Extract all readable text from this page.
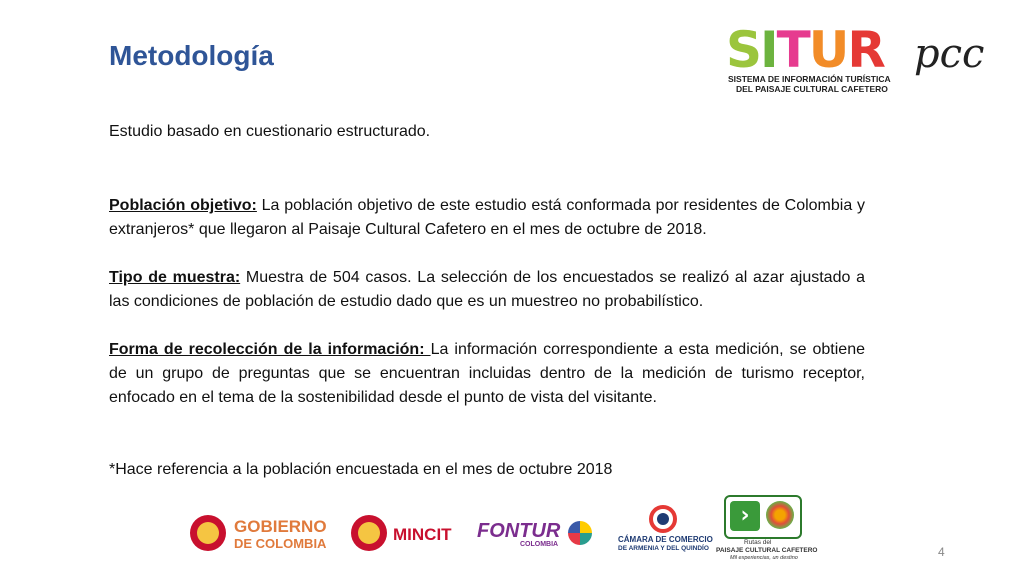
Metodología	SITUR pcc
SISTEMA DE INFORMACIÓN TURÍSTICA
DEL PAISAJE CULTURAL CAFETERO

Estudio basado en cuestionario estructurado.

Población objetivo: La población objetivo de este estudio está conformada por residentes de Colombia y extranjeros* que llegaron al Paisaje Cultural Cafetero en el mes de octubre de 2018.

Tipo de muestra: Muestra de 504 casos. La selección de los encuestados se realizó al azar ajustado a las condiciones de población de estudio dado que es un muestreo no probabilístico.

Forma de recolección de la información: La información correspondiente a esta medición, se obtiene de un grupo de preguntas que se encuentran incluidas dentro de la medición de turismo receptor, enfocado en el tema de la sostenibilidad desde el punto de vista del visitante.

*Hace referencia a la población encuestada en el mes de octubre 2018

GOBIERNO
DE COLOMBIA	MINCIT FONTUR
COLOMBIA
CÁMARA DE COMERCIO
DE ARMENIA Y DEL QUINDÍO
›
Rutas del
PAISAJE CULTURAL CAFETERO
Mil experiencias, un destino	4
